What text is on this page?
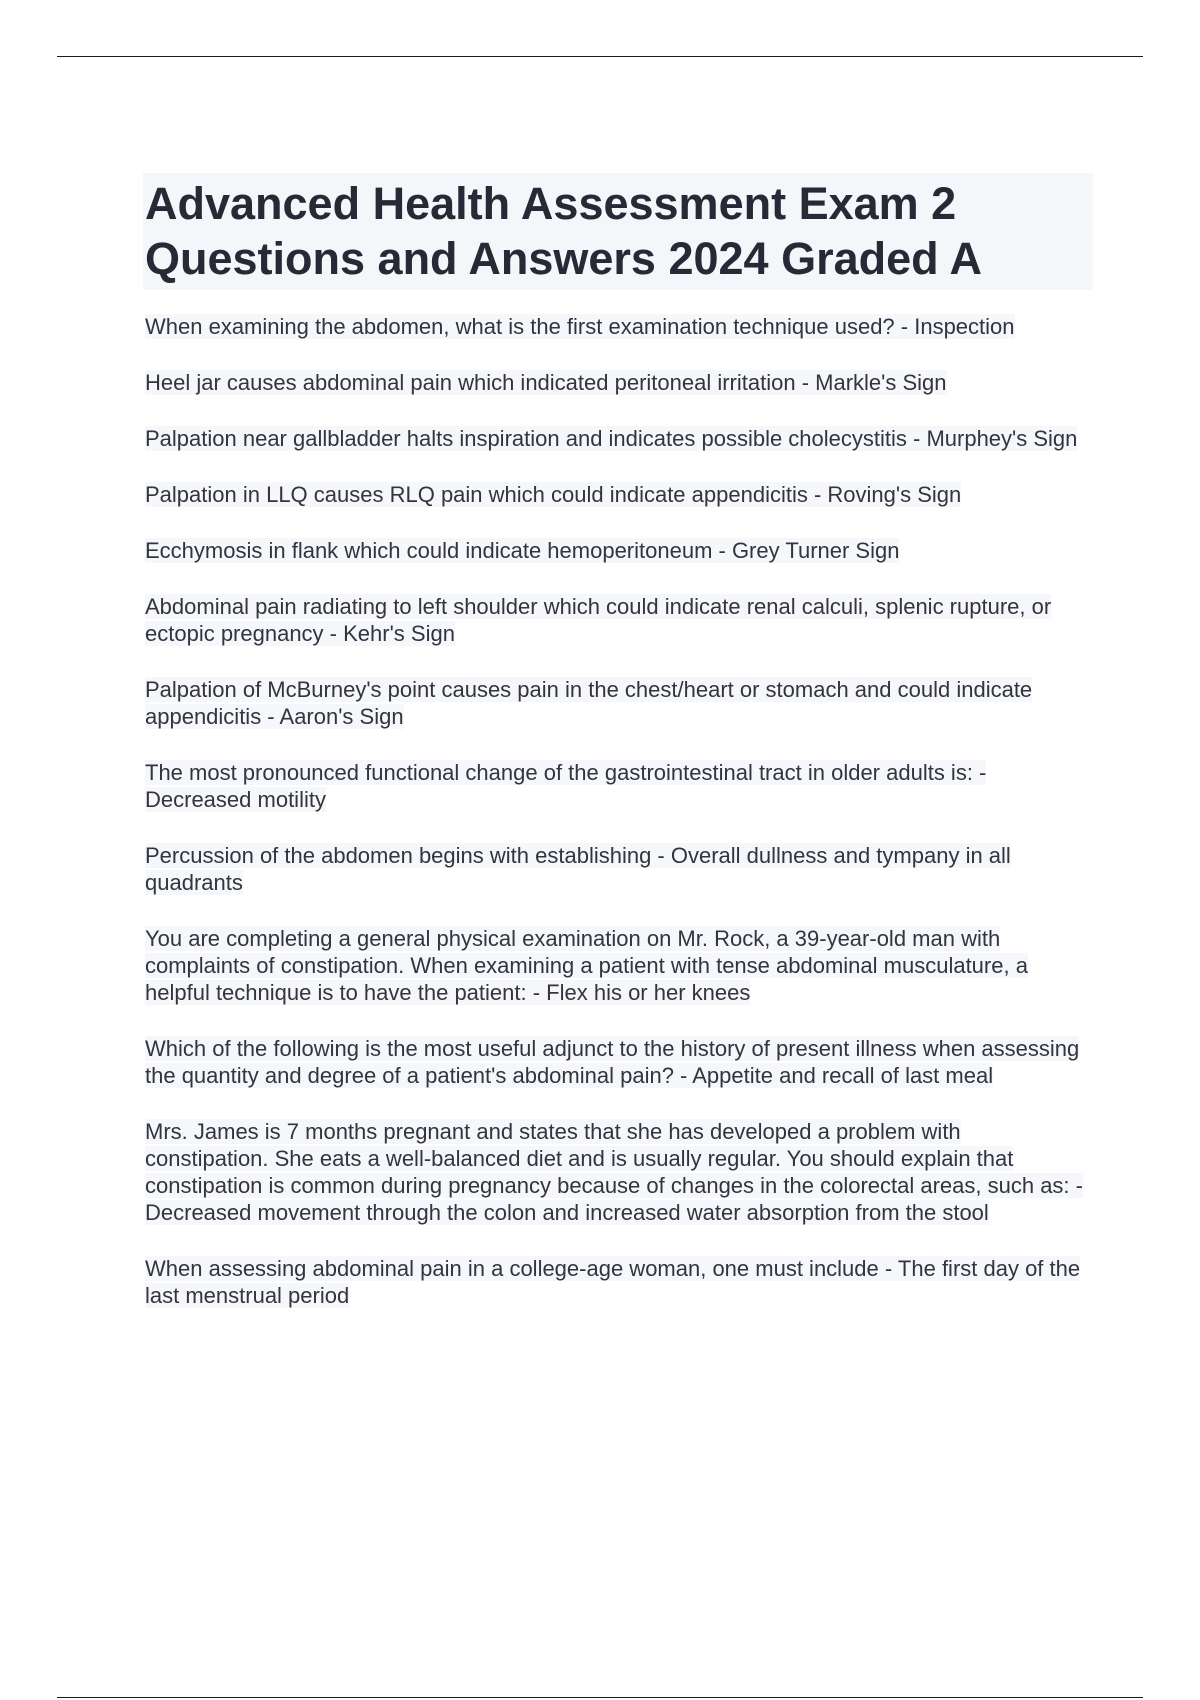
Advanced Health Assessment Exam 2 Questions and Answers 2024 Graded A
When examining the abdomen, what is the first examination technique used? - Inspection
Heel jar causes abdominal pain which indicated peritoneal irritation - Markle's Sign
Palpation near gallbladder halts inspiration and indicates possible cholecystitis - Murphey's Sign
Palpation in LLQ causes RLQ pain which could indicate appendicitis - Roving's Sign
Ecchymosis in flank which could indicate hemoperitoneum - Grey Turner Sign
Abdominal pain radiating to left shoulder which could indicate renal calculi, splenic rupture, or ectopic pregnancy - Kehr's Sign
Palpation of McBurney's point causes pain in the chest/heart or stomach and could indicate appendicitis - Aaron's Sign
The most pronounced functional change of the gastrointestinal tract in older adults is: - Decreased motility
Percussion of the abdomen begins with establishing - Overall dullness and tympany in all quadrants
You are completing a general physical examination on Mr. Rock, a 39-year-old man with complaints of constipation. When examining a patient with tense abdominal musculature, a helpful technique is to have the patient: - Flex his or her knees
Which of the following is the most useful adjunct to the history of present illness when assessing the quantity and degree of a patient's abdominal pain? - Appetite and recall of last meal
Mrs. James is 7 months pregnant and states that she has developed a problem with constipation. She eats a well-balanced diet and is usually regular. You should explain that constipation is common during pregnancy because of changes in the colorectal areas, such as: - Decreased movement through the colon and increased water absorption from the stool
When assessing abdominal pain in a college-age woman, one must include - The first day of the last menstrual period
